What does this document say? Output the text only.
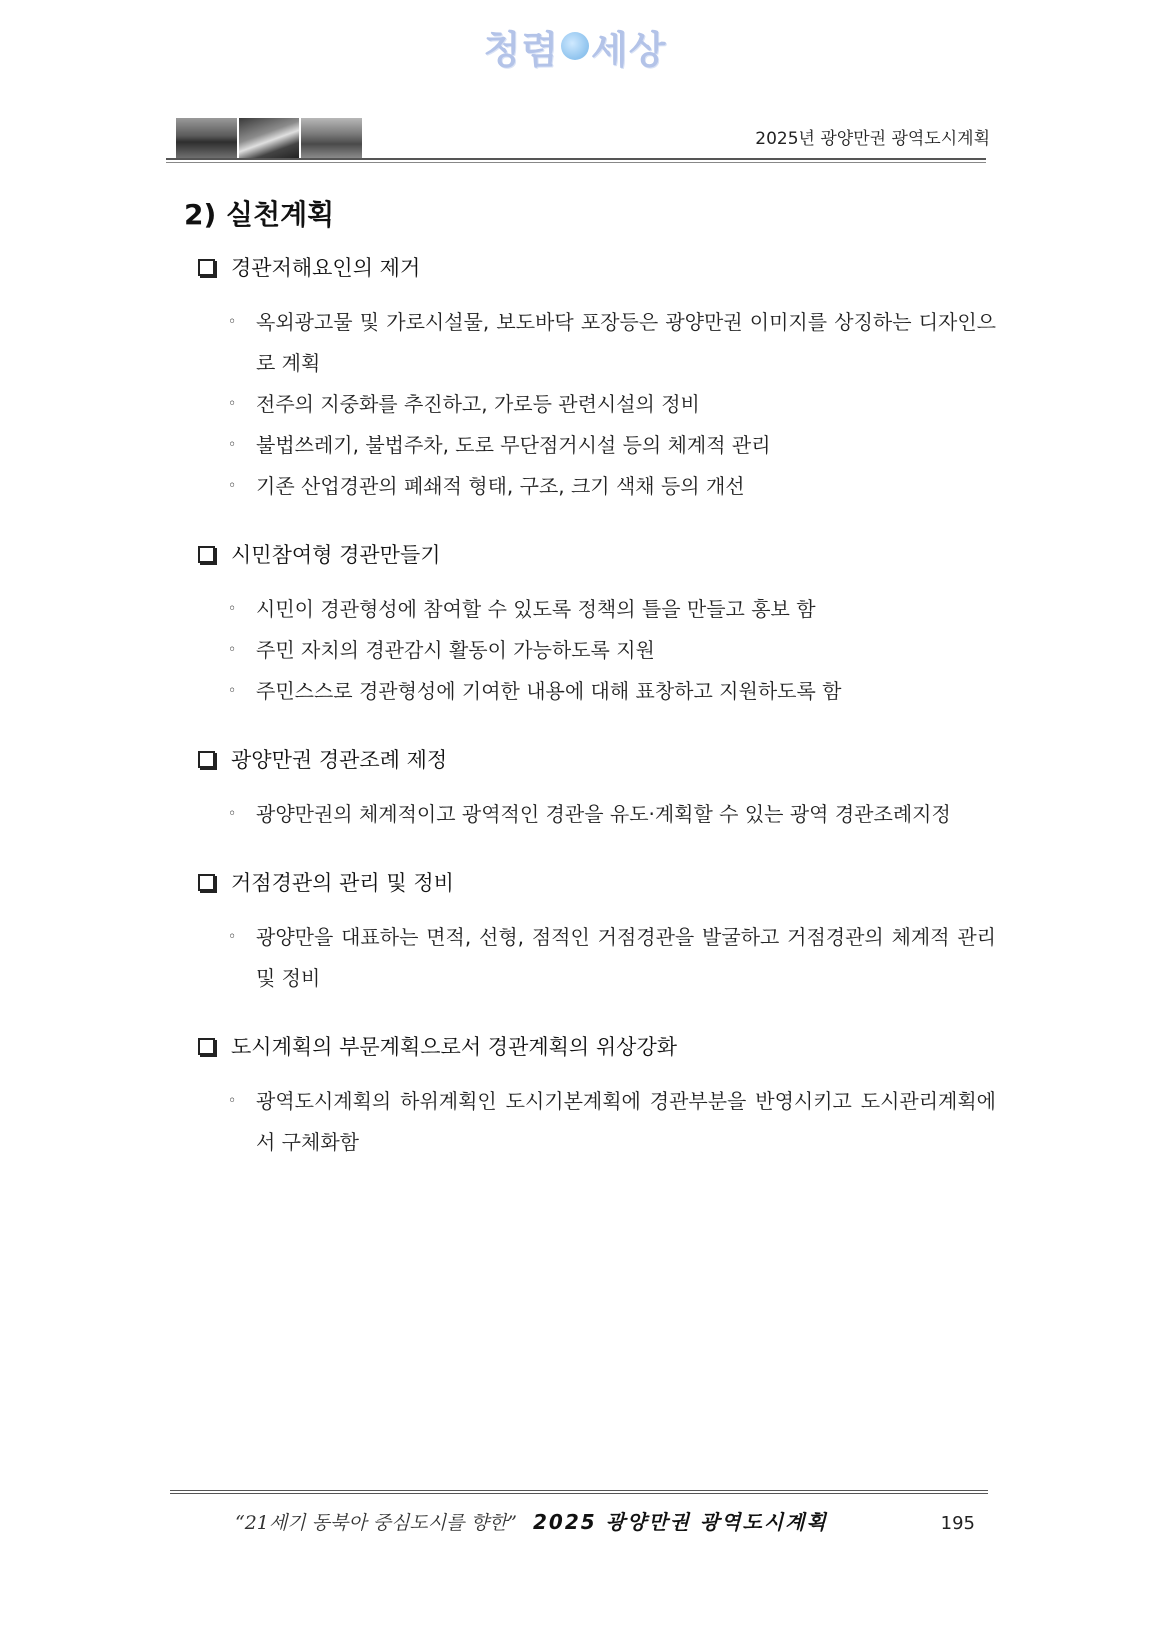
청렴 세상
2025년 광양만권 광역도시계획
2) 실천계획
경관저해요인의 제거
◦ 옥외광고물 및 가로시설물, 보도바닥 포장등은 광양만권 이미지를 상징하는 디자인으로 계획
◦ 전주의 지중화를 추진하고, 가로등 관련시설의 정비
◦ 불법쓰레기, 불법주차, 도로 무단점거시설 등의 체계적 관리
◦ 기존 산업경관의 폐쇄적 형태, 구조, 크기 색채 등의 개선
시민참여형 경관만들기
◦ 시민이 경관형성에 참여할 수 있도록 정책의 틀을 만들고 홍보 함
◦ 주민 자치의 경관감시 활동이 가능하도록 지원
◦ 주민스스로 경관형성에 기여한 내용에 대해 표창하고 지원하도록 함
광양만권 경관조례 제정
◦ 광양만권의 체계적이고 광역적인 경관을 유도·계획할 수 있는 광역 경관조례지정
거점경관의 관리 및 정비
◦ 광양만을 대표하는 면적, 선형, 점적인 거점경관을 발굴하고 거점경관의 체계적 관리 및 정비
도시계획의 부문계획으로서 경관계획의 위상강화
◦ 광역도시계획의 하위계획인 도시기본계획에 경관부분을 반영시키고 도시관리계획에서 구체화함
“21세기 동북아 중심도시를 향한” 2025 광양만권 광역도시계획	195
